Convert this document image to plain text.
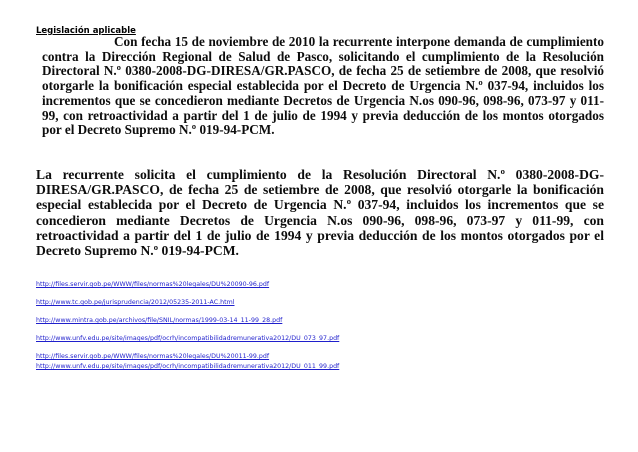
Legislación aplicable

Con fecha 15 de noviembre de 2010 la recurrente interpone demanda de cumplimiento contra la Dirección Regional de Salud de Pasco, solicitando el cumplimiento de la Resolución Directoral N.º 0380-2008-DG-DIRESA/GR.PASCO, de fecha 25 de setiembre de 2008, que resolvió otorgarle la bonificación especial establecida por el Decreto de Urgencia N.º 037-94, incluidos los incrementos que se concedieron mediante Decretos de Urgencia N.os 090-96, 098-96, 073-97 y 011-99, con retroactividad a partir del 1 de julio de 1994 y previa deducción de los montos otorgados por el Decreto Supremo N.º 019-94-PCM.

La recurrente solicita el cumplimiento de la Resolución Directoral N.º 0380-2008-DG-DIRESA/GR.PASCO, de fecha 25 de setiembre de 2008, que resolvió otorgarle la bonificación especial establecida por el Decreto de Urgencia N.º 037-94, incluidos los incrementos que se concedieron mediante Decretos de Urgencia N.os 090-96, 098-96, 073-97 y 011-99, con retroactividad a partir del 1 de julio de 1994 y previa deducción de los montos otorgados por el Decreto Supremo N.º 019-94-PCM.

http://files.servir.gob.pe/WWW/files/normas%20legales/DU%20090-96.pdf
http://www.tc.gob.pe/jurisprudencia/2012/05235-2011-AC.html
http://www.mintra.gob.pe/archivos/file/SNIL/normas/1999-03-14_11-99_28.pdf
http://www.unfv.edu.pe/site/images/pdf/ocrh/incompatibilidadremunerativa2012/DU_073_97.pdf
http://files.servir.gob.pe/WWW/files/normas%20legales/DU%20011-99.pdf
http://www.unfv.edu.pe/site/images/pdf/ocrh/incompatibilidadremunerativa2012/DU_011_99.pdf
